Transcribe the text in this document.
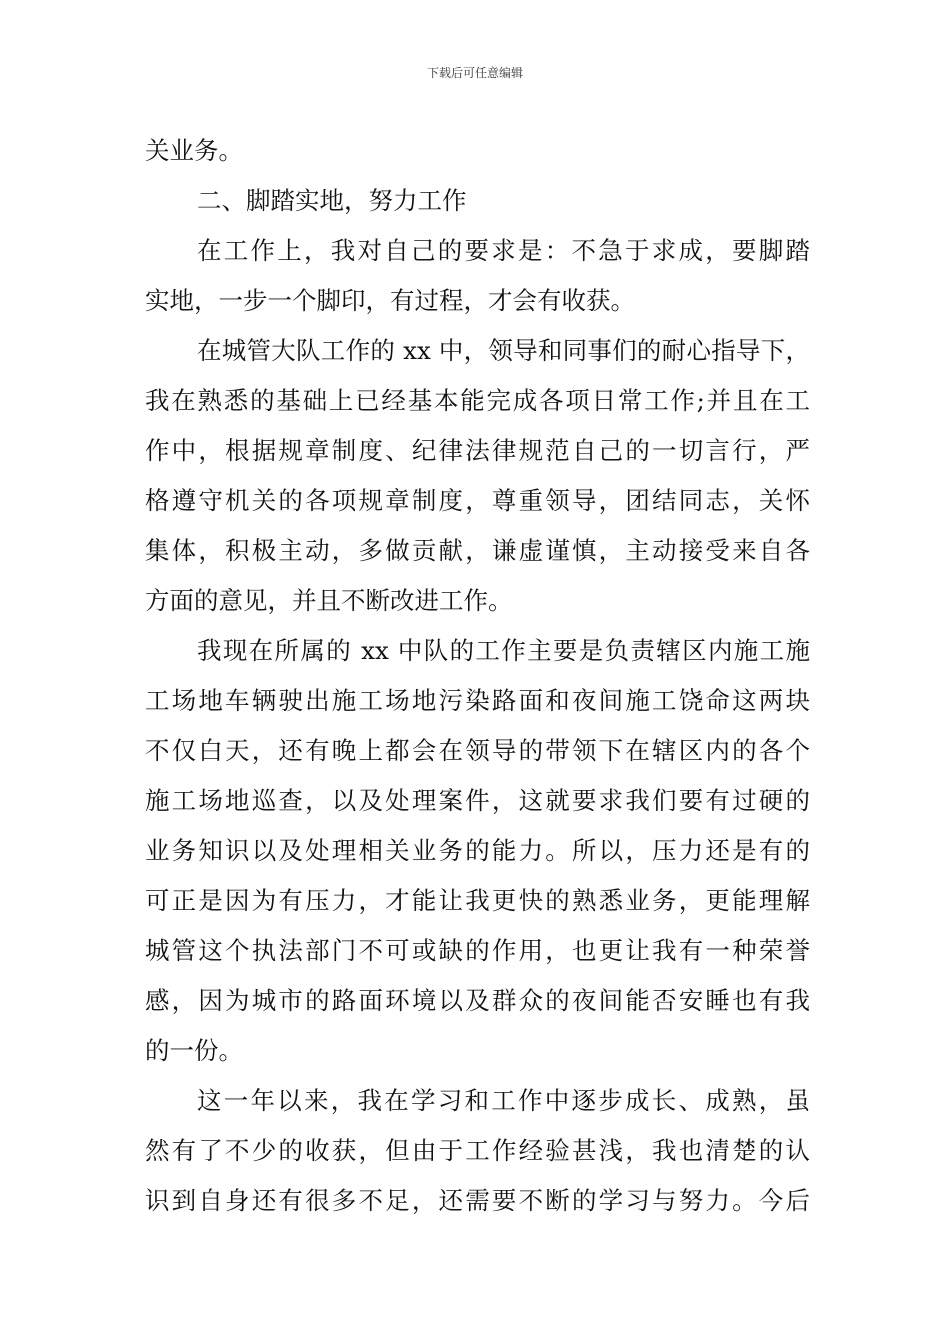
下载后可任意编辑
关业务。
二、脚踏实地，努力工作
在工作上，我对自己的要求是：不急于求成，要脚踏
实地，一步一个脚印，有过程，才会有收获。
在城管大队工作的 xx 中，领导和同事们的耐心指导下，
我在熟悉的基础上已经基本能完成各项日常工作;并且在工
作中，根据规章制度、纪律法律规范自己的一切言行，严
格遵守机关的各项规章制度，尊重领导，团结同志，关怀
集体，积极主动，多做贡献，谦虚谨慎，主动接受来自各
方面的意见，并且不断改进工作。
我现在所属的 xx 中队的工作主要是负责辖区内施工施
工场地车辆驶出施工场地污染路面和夜间施工饶命这两块
不仅白天，还有晚上都会在领导的带领下在辖区内的各个
施工场地巡查，以及处理案件，这就要求我们要有过硬的
业务知识以及处理相关业务的能力。所以，压力还是有的
可正是因为有压力，才能让我更快的熟悉业务，更能理解
城管这个执法部门不可或缺的作用，也更让我有一种荣誉
感，因为城市的路面环境以及群众的夜间能否安睡也有我
的一份。
这一年以来，我在学习和工作中逐步成长、成熟，虽
然有了不少的收获，但由于工作经验甚浅，我也清楚的认
识到自身还有很多不足，还需要不断的学习与努力。今后
